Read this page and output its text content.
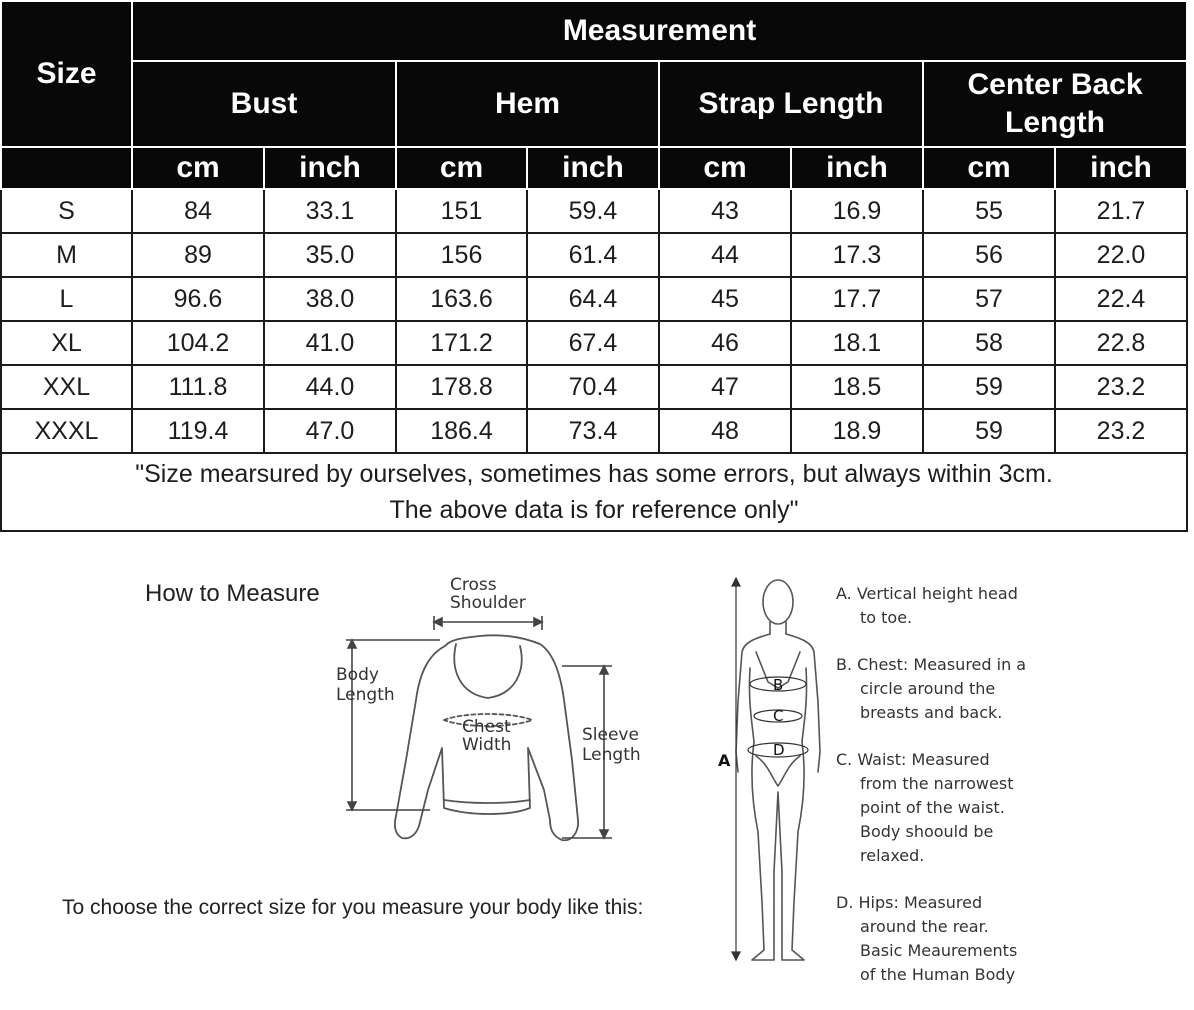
Size	Measurement							
	Bust		Hem		Strap Length		Center Back Length	
	cm	inch	cm	inch	cm	inch	cm	inch
S	84	33.1	151	59.4	43	16.9	55	21.7
M	89	35.0	156	61.4	44	17.3	56	22.0
L	96.6	38.0	163.6	64.4	45	17.7	57	22.4
XL	104.2	41.0	171.2	67.4	46	18.1	58	22.8
XXL	111.8	44.0	178.8	70.4	47	18.5	59	23.2
XXXL	119.4	47.0	186.4	73.4	48	18.9	59	23.2

"Size mearsured by ourselves, sometimes has some errors, but always within 3cm.
The above data is for reference only"								
How to Measure
To choose the correct size for you measure your body like this:
Cross
Shoulder
Body
Length
Chest
Width	Sleeve
Length	A
B
C
D
A. Vertical height head
to toe.
B. Chest: Measured in a
circle around the
breasts and back.
C. Waist: Measured
from the narrowest
point of the waist.
Body shoould be
relaxed.
D. Hips: Measured
around the rear.
Basic Meaurements
of the Human Body
